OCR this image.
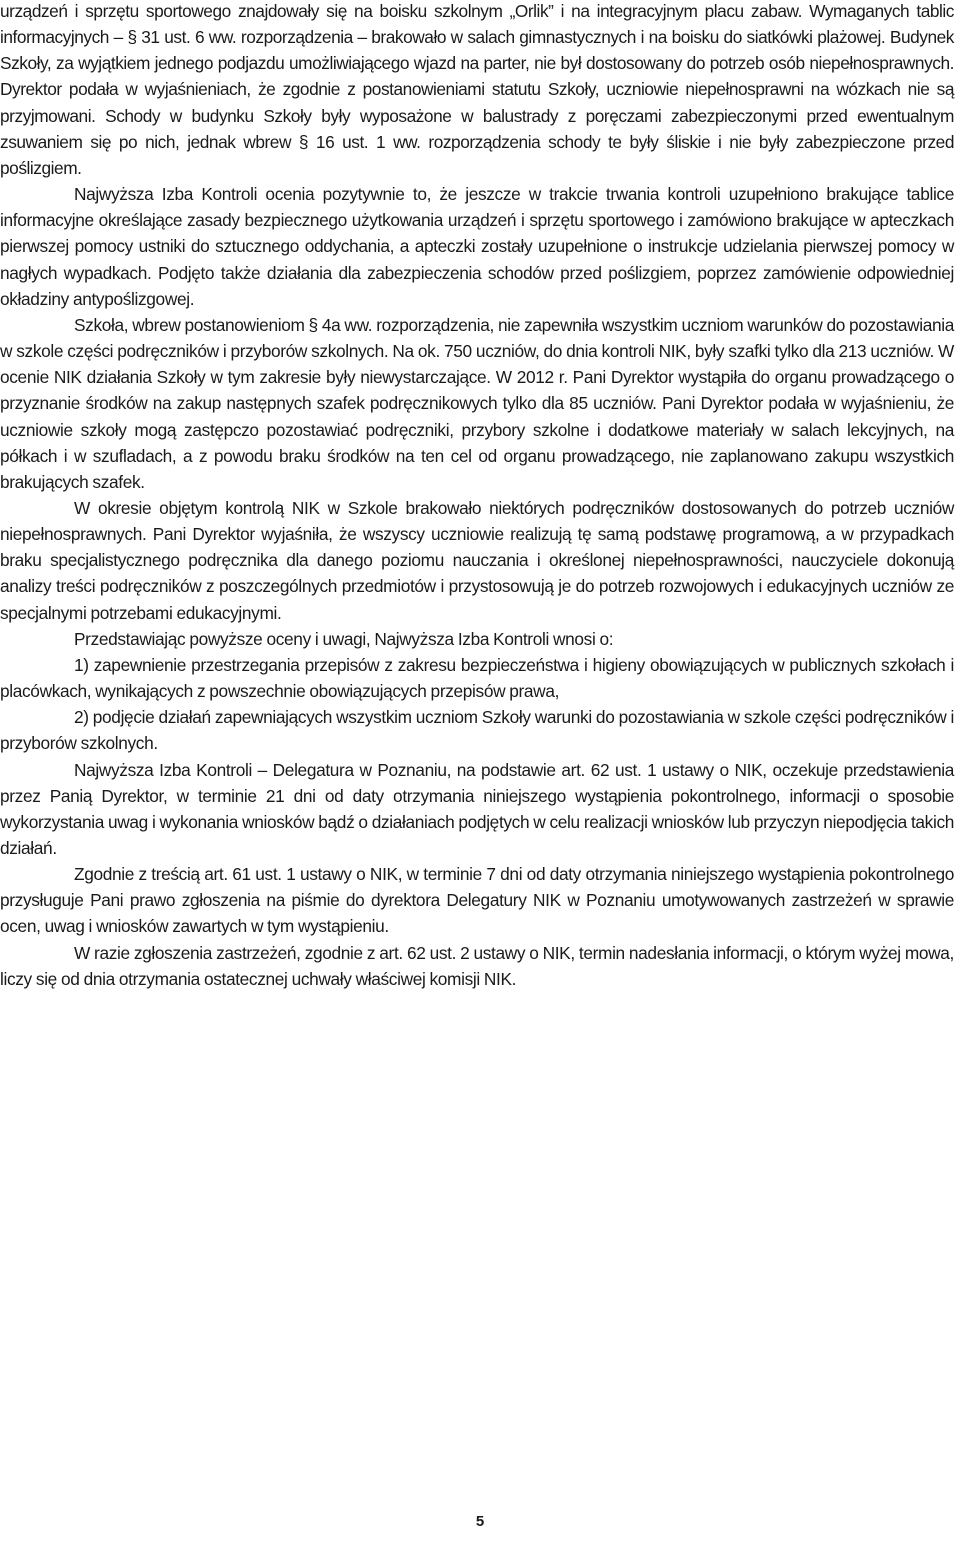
urządzeń i sprzętu sportowego znajdowały się na boisku szkolnym „Orlik” i na integracyjnym placu zabaw. Wymaganych tablic informacyjnych – § 31 ust. 6 ww. rozporządzenia – brakowało w salach gimnastycznych i na boisku do siatkówki plażowej. Budynek Szkoły, za wyjątkiem jednego podjazdu umożliwiającego wjazd na parter, nie był dostosowany do potrzeb osób niepełnosprawnych. Dyrektor podała w wyjaśnieniach, że zgodnie z postanowieniami statutu Szkoły, uczniowie niepełnosprawni na wózkach nie są przyjmowani. Schody w budynku Szkoły były wyposażone w balustrady z poręczami zabezpieczonymi przed ewentualnym zsuwaniem się po nich, jednak wbrew § 16 ust. 1 ww. rozporządzenia schody te były śliskie i nie były zabezpieczone przed poślizgiem.

Najwyższa Izba Kontroli ocenia pozytywnie to, że jeszcze w trakcie trwania kontroli uzupełniono brakujące tablice informacyjne określające zasady bezpiecznego użytkowania urządzeń i sprzętu sportowego i zamówiono brakujące w apteczkach pierwszej pomocy ustniki do sztucznego oddychania, a apteczki zostały uzupełnione o instrukcje udzielania pierwszej pomocy w nagłych wypadkach. Podjęto także działania dla zabezpieczenia schodów przed poślizgiem, poprzez zamówienie odpowiedniej okładziny antypoślizgowej.

Szkoła, wbrew postanowieniom § 4a ww. rozporządzenia, nie zapewniła wszystkim uczniom warunków do pozostawiania w szkole części podręczników i przyborów szkolnych. Na ok. 750 uczniów, do dnia kontroli NIK, były szafki tylko dla 213 uczniów. W ocenie NIK działania Szkoły w tym zakresie były niewystarczające. W 2012 r. Pani Dyrektor wystąpiła do organu prowadzącego o przyznanie środków na zakup następnych szafek podręcznikowych tylko dla 85 uczniów. Pani Dyrektor podała w wyjaśnieniu, że uczniowie szkoły mogą zastępczo pozostawiać podręczniki, przybory szkolne i dodatkowe materiały w salach lekcyjnych, na półkach i w szufladach, a z powodu braku środków na ten cel od organu prowadzącego, nie zaplanowano zakupu wszystkich brakujących szafek.

W okresie objętym kontrolą NIK w Szkole brakowało niektórych podręczników dostosowanych do potrzeb uczniów niepełnosprawnych. Pani Dyrektor wyjaśniła, że wszyscy uczniowie realizują tę samą podstawę programową, a w przypadkach braku specjalistycznego podręcznika dla danego poziomu nauczania i określonej niepełnosprawności, nauczyciele dokonują analizy treści podręczników z poszczególnych przedmiotów i przystosowują je do potrzeb rozwojowych i edukacyjnych uczniów ze specjalnymi potrzebami edukacyjnymi.

Przedstawiając powyższe oceny i uwagi, Najwyższa Izba Kontroli wnosi o:

1) zapewnienie przestrzegania przepisów z zakresu bezpieczeństwa i higieny obowiązujących w publicznych szkołach i placówkach, wynikających z powszechnie obowiązujących przepisów prawa,

2) podjęcie działań zapewniających wszystkim uczniom Szkoły warunki do pozostawiania w szkole części podręczników i przyborów szkolnych.

Najwyższa Izba Kontroli – Delegatura w Poznaniu, na podstawie art. 62 ust. 1 ustawy o NIK, oczekuje przedstawienia przez Panią Dyrektor, w terminie 21 dni od daty otrzymania niniejszego wystąpienia pokontrolnego, informacji o sposobie wykorzystania uwag i wykonania wniosków bądź o działaniach podjętych w celu realizacji wniosków lub przyczyn niepodjęcia takich działań.

Zgodnie z treścią art. 61 ust. 1 ustawy o NIK, w terminie 7 dni od daty otrzymania niniejszego wystąpienia pokontrolnego przysługuje Pani prawo zgłoszenia na piśmie do dyrektora Delegatury NIK w Poznaniu umotywowanych zastrzeżeń w sprawie ocen, uwag i wniosków zawartych w tym wystąpieniu.

W razie zgłoszenia zastrzeżeń, zgodnie z art. 62 ust. 2 ustawy o NIK, termin nadesłania informacji, o którym wyżej mowa, liczy się od dnia otrzymania ostatecznej uchwały właściwej komisji NIK.

5
